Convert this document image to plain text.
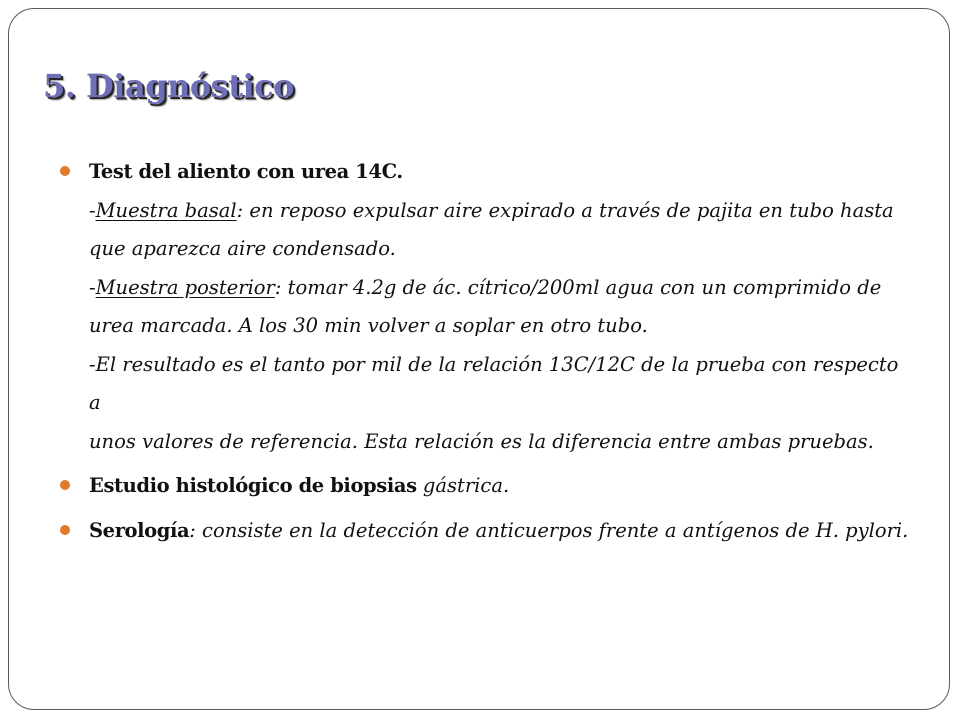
5. Diagnóstico
Test del aliento con urea 14C.
-Muestra basal: en reposo expulsar aire expirado a través de pajita en tubo hasta
que aparezca aire condensado.
-Muestra posterior: tomar 4.2g de ác. cítrico/200ml agua con un comprimido de
urea marcada. A los 30 min volver a soplar en otro tubo.
-El resultado es el tanto por mil de la relación 13C/12C de la prueba con respecto a
unos valores de referencia. Esta relación es la diferencia entre ambas pruebas.
Estudio histológico de biopsias gástrica.
Serología: consiste en la detección de anticuerpos frente a antígenos de H. pylori.
